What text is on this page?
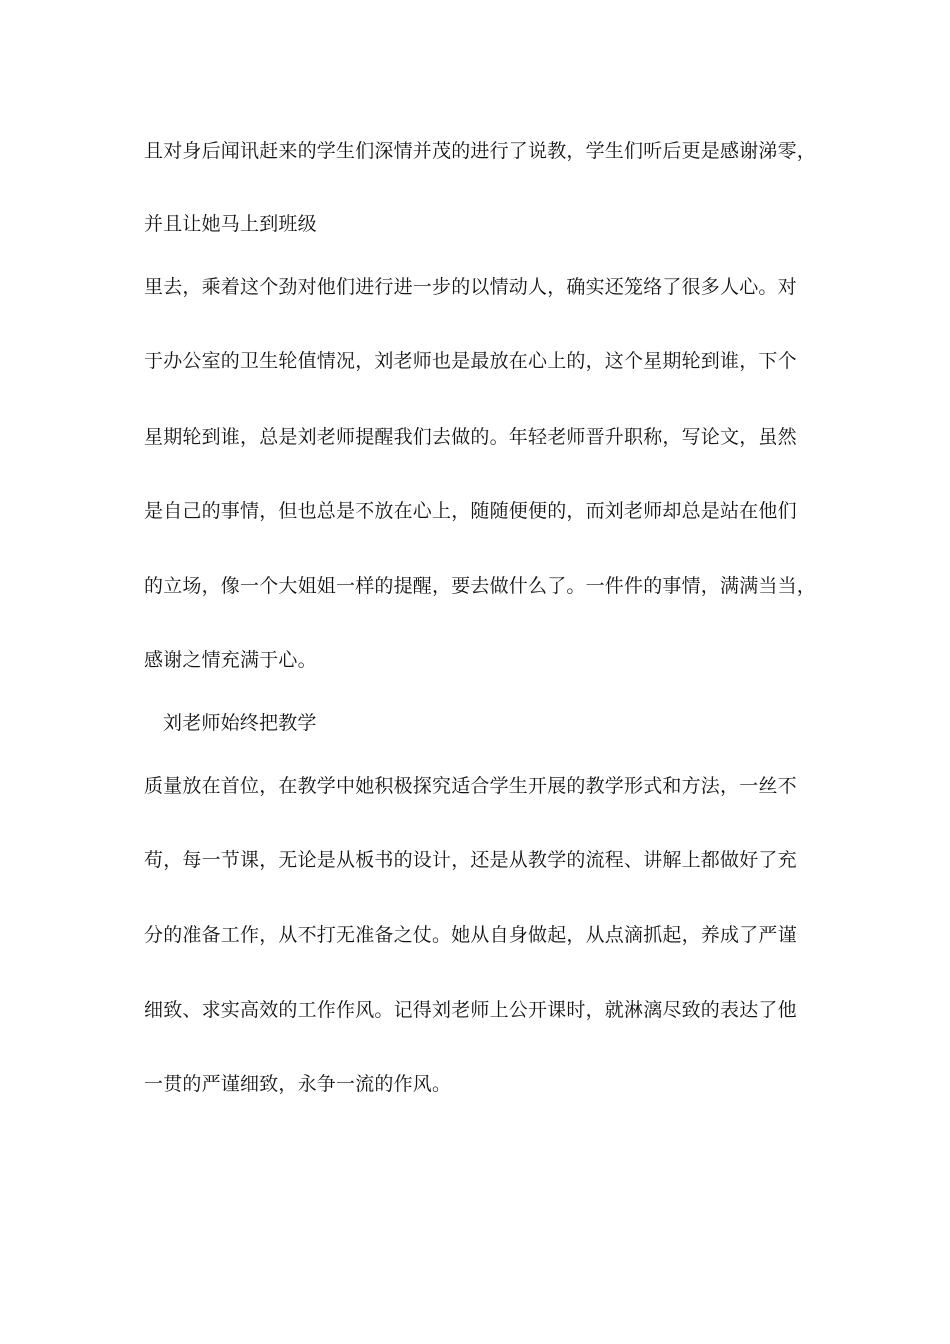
且对身后闻讯赶来的学生们深情并茂的进行了说教，学生们听后更是感谢涕零，
并且让她马上到班级
里去，乘着这个劲对他们进行进一步的以情动人，确实还笼络了很多人心。对
于办公室的卫生轮值情况，刘老师也是最放在心上的，这个星期轮到谁，下个
星期轮到谁，总是刘老师提醒我们去做的。年轻老师晋升职称，写论文，虽然
是自己的事情，但也总是不放在心上，随随便便的，而刘老师却总是站在他们
的立场，像一个大姐姐一样的提醒，要去做什么了。一件件的事情，满满当当，
感谢之情充满于心。
刘老师始终把教学
质量放在首位，在教学中她积极探究适合学生开展的教学形式和方法，一丝不
苟，每一节课，无论是从板书的设计，还是从教学的流程、讲解上都做好了充
分的准备工作，从不打无准备之仗。她从自身做起，从点滴抓起，养成了严谨
细致、求实高效的工作作风。记得刘老师上公开课时，就淋漓尽致的表达了他
一贯的严谨细致，永争一流的作风。
